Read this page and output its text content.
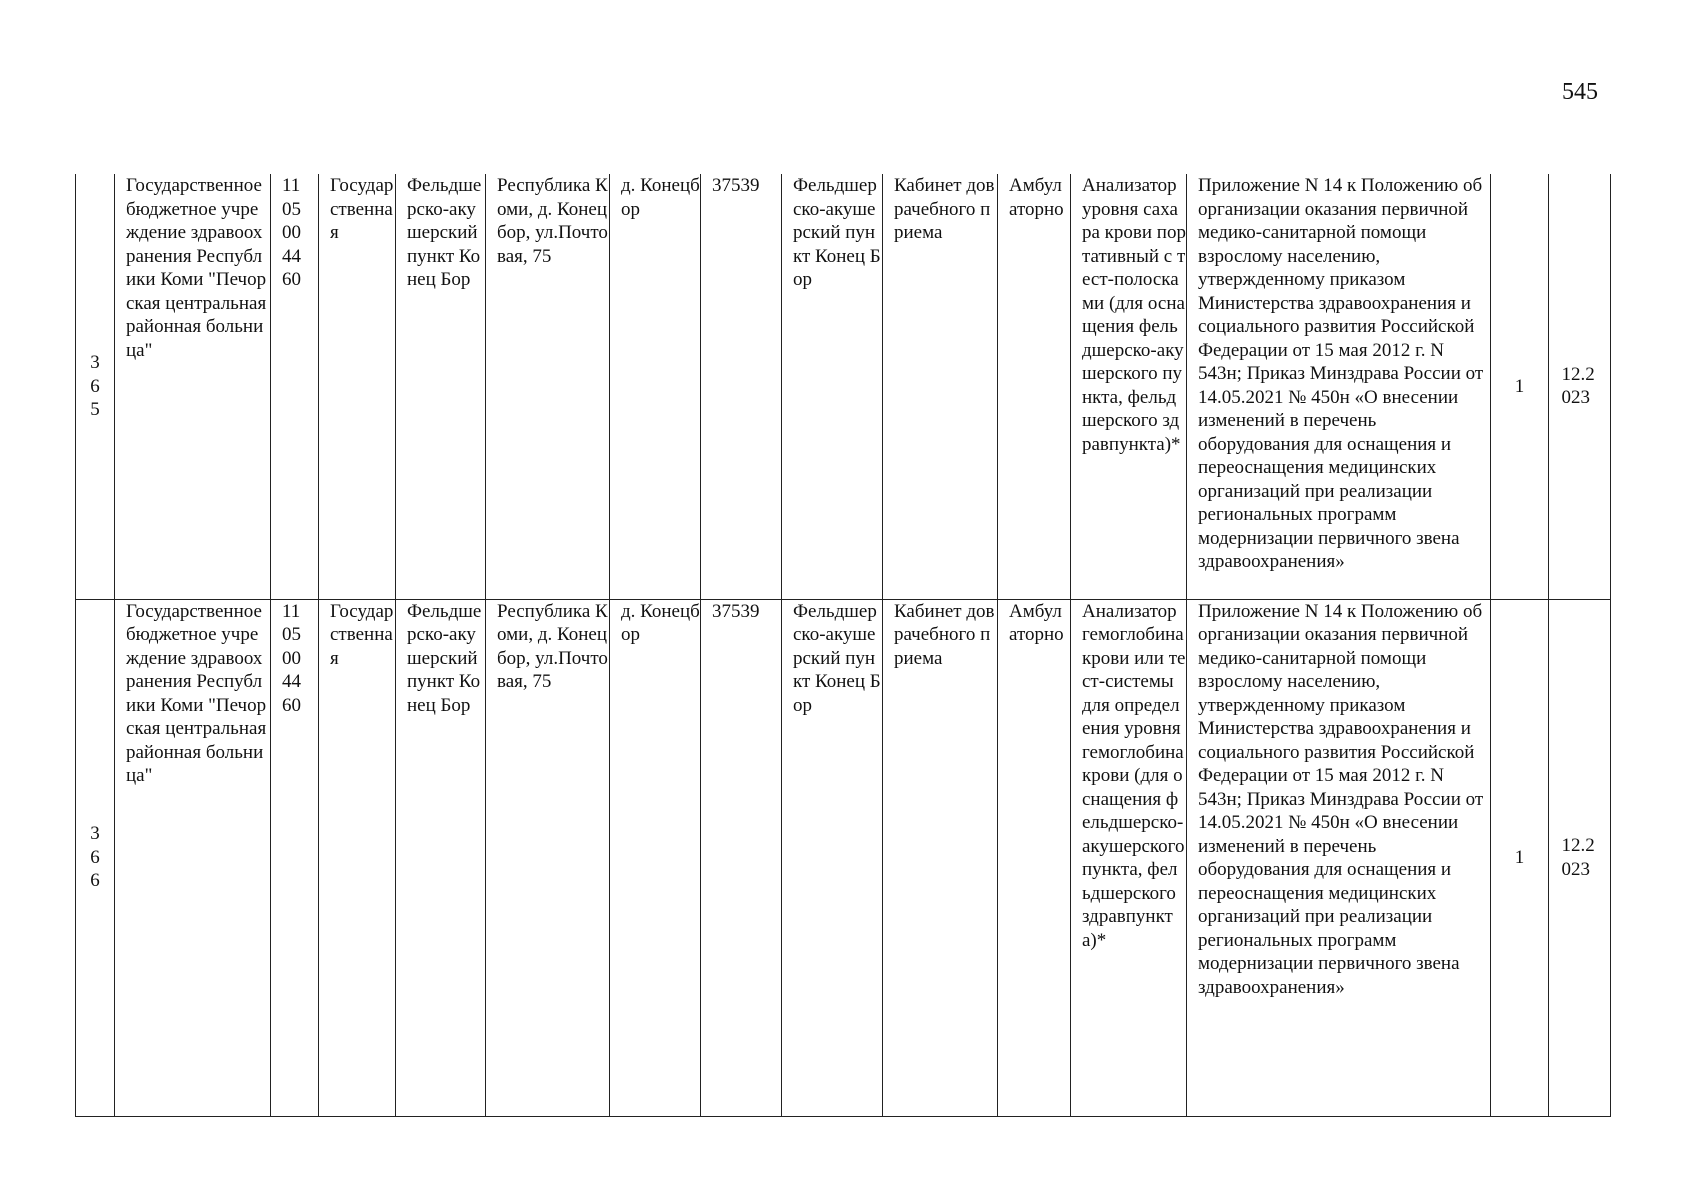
545
365	Государственное бюджетное учреждение здравоохранения Республики Коми "Печорская центральная районная больница"	1105004460	Государственная	Фельдшерско-акушерский пункт Конец Бор	Республика Коми, д. Конецбор, ул.Почтовая, 75	д. Конецбор	37539	Фельдшерско-акушерский пункт Конец Бор	Кабинет доврачебного приема	Амбулаторно	Анализатор уровня сахара крови портативный с тест-полосками (для оснащения фельдшерско-акушерского пункта, фельдшерского здравпункта)*	Приложение N 14 к Положению об организации оказания первичной медико-санитарной помощи взрослому населению, утвержденному приказом Министерства здравоохранения и социального развития Российской Федерации от 15 мая 2012 г. N 543н; Приказ Минздрава России от 14.05.2021 № 450н «О внесении изменений в перечень оборудования для оснащения и переоснащения медицинских организаций при реализации региональных программ модернизации первичного звена здравоохранения»	1	12.2023

366	Государственное бюджетное учреждение здравоохранения Республики Коми "Печорская центральная районная больница"	1105004460	Государственная	Фельдшерско-акушерский пункт Конец Бор	Республика Коми, д. Конецбор, ул.Почтовая, 75	д. Конецбор	37539	Фельдшерско-акушерский пункт Конец Бор	Кабинет доврачебного приема	Амбулаторно	Анализатор гемоглобина крови или тест-системы для определения уровня гемоглобина крови (для оснащения фельдшерско-акушерского пункта, фельдшерского здравпункта)*	Приложение N 14 к Положению об организации оказания первичной медико-санитарной помощи взрослому населению, утвержденному приказом Министерства здравоохранения и социального развития Российской Федерации от 15 мая 2012 г. N 543н; Приказ Минздрава России от 14.05.2021 № 450н «О внесении изменений в перечень оборудования для оснащения и переоснащения медицинских организаций при реализации региональных программ модернизации первичного звена здравоохранения»	1	12.2023
